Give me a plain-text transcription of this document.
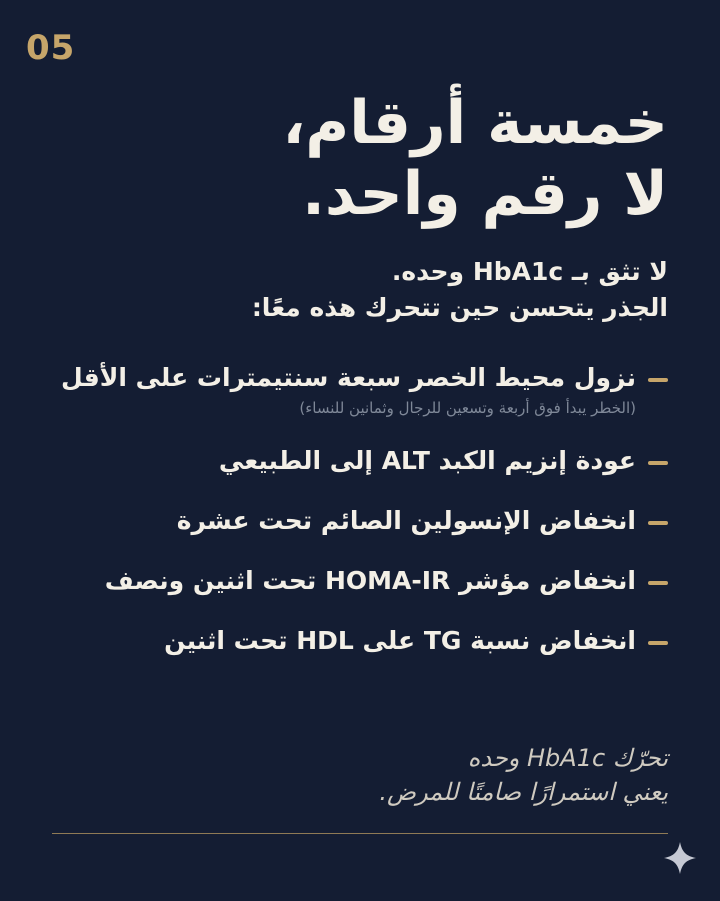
05
خمسة أرقام،
لا رقم واحد.
لا تثق بـ HbA1c وحده.
الجذر يتحسن حين تتحرك هذه معًا:
نزول محيط الخصر سبعة سنتيمترات على الأقل
(الخطر يبدأ فوق أربعة وتسعين للرجال وثمانين للنساء)
عودة إنزيم الكبد ALT إلى الطبيعي
انخفاض الإنسولين الصائم تحت عشرة
انخفاض مؤشر HOMA-IR تحت اثنين ونصف
انخفاض نسبة TG على HDL تحت اثنين
تحرّك HbA1c وحده
يعني استمرارًا صامتًا للمرض.
